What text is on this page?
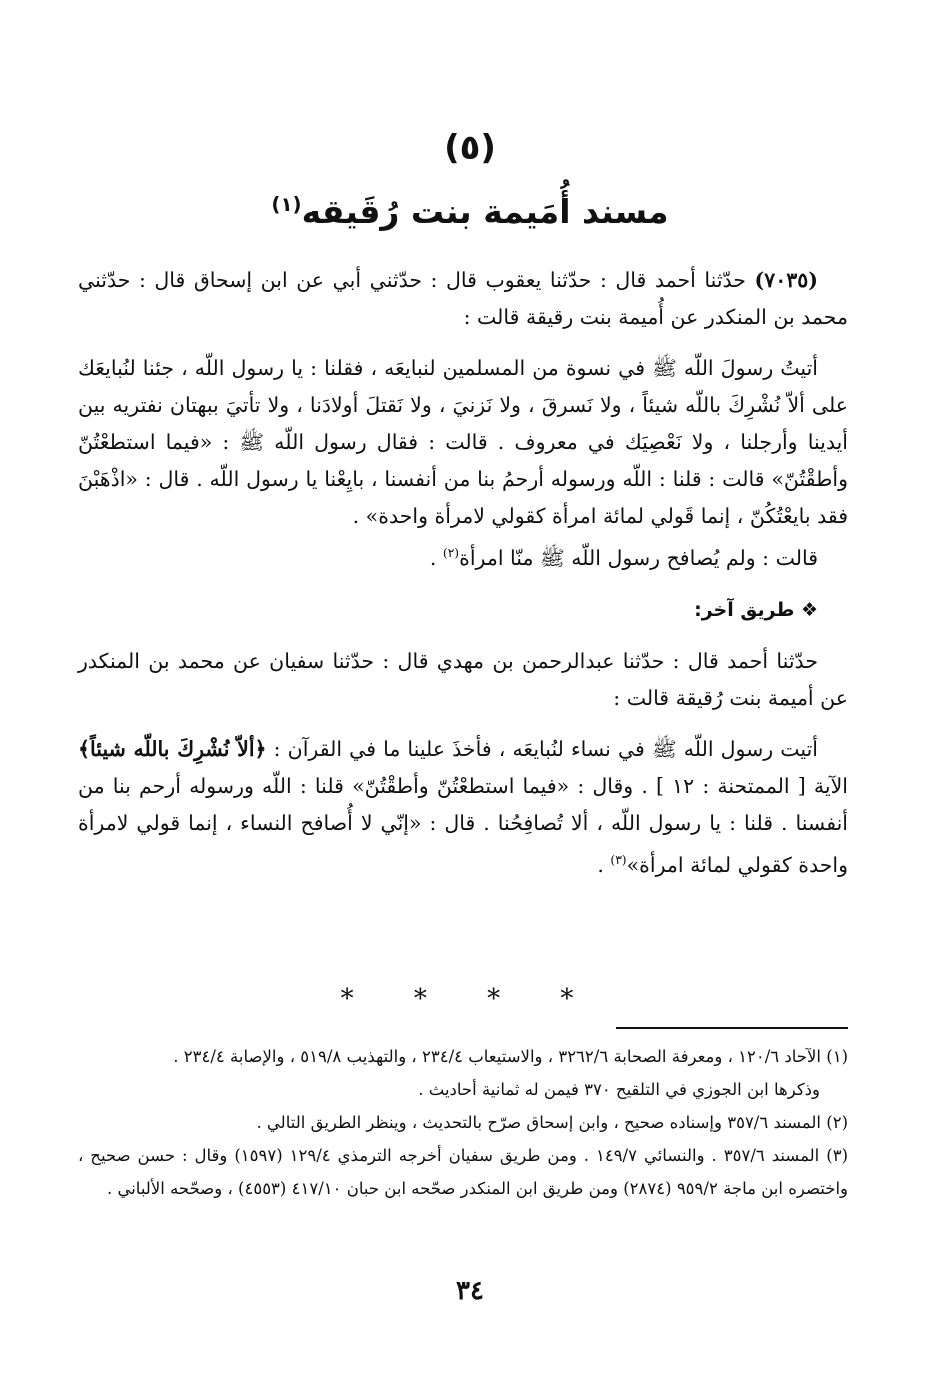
(٥)
مسند أُمَيمة بنت رُقَيقه$^{(١)}$

(٧٠٣٥) حدّثنا أحمد قال : حدّثنا يعقوب قال : حدّثني أبي عن ابن إسحاق قال : حدّثني محمد بن المنكدر عن أُميمة بنت رقيقة قالت :

أتيتُ رسولَ اللّه ﷺ في نسوة من المسلمين لنبايعَه ، فقلنا : يا رسول اللّه ، جئنا لنُبايعَك على ألاّ نُشْرِكَ باللّه شيئاً ، ولا نَسرقَ ، ولا نَزنيَ ، ولا نَقتلَ أولادَنا ، ولا تأتيَ ببهتان نفتريه بين أيدينا وأرجلنا ، ولا نَعْصِيَك في معروف . قالت : فقال رسول اللّه ﷺ : «فيما استطعْتُنّ وأطقْتُنّ» قالت : قلنا : اللّه ورسوله أرحمُ بنا من أنفسنا ، بايِعْنا يا رسول اللّه . قال : «اذْهَبْنَ فقد بايعْتُكُنّ ، إنما قَولي لمائة امرأة كقولي لامرأة واحدة» .

قالت : ولم يُصافح رسول اللّه ﷺ منّا امرأة$^{(٢)}$ .

❖ طريق آخر:

حدّثنا أحمد قال : حدّثنا عبدالرحمن بن مهدي قال : حدّثنا سفيان عن محمد بن المنكدر عن أميمة بنت رُقيقة قالت :

أتيت رسول اللّه ﷺ في نساء لنُبايعَه ، فأخذَ علينا ما في القرآن : ﴿ألاّ نُشْرِكَ باللّه شيئاً﴾ الآية [ الممتحنة : ١٢ ] . وقال : «فيما استطعْتُنّ وأطقْتُنّ» قلنا : اللّه ورسوله أرحم بنا من أنفسنا . قلنا : يا رسول اللّه ، ألا تُصافِحُنا . قال : «إنّي لا أُصافح النساء ، إنما قولي لامرأة واحدة كقولي لمائة امرأة»$^{(٣)}$ .

* * * *

(١) الآحاد ١٢٠/٦ ، ومعرفة الصحابة ٣٢٦٢/٦ ، والاستيعاب ٢٣٤/٤ ، والتهذيب ٥١٩/٨ ، والإصابة ٢٣٤/٤ .

وذكرها ابن الجوزي في التلقيح ٣٧٠ فيمن له ثمانية أحاديث .

(٢) المسند ٣٥٧/٦ وإسناده صحيح ، وابن إسحاق صرّح بالتحديث ، وينظر الطريق التالي .

(٣) المسند ٣٥٧/٦ . والنسائي ١٤٩/٧ . ومن طريق سفيان أخرجه الترمذي ١٢٩/٤ (١٥٩٧) وقال : حسن صحيح ، واختصره ابن ماجة ٩٥٩/٢ (٢٨٧٤) ومن طريق ابن المنكدر صحّحه ابن حبان ٤١٧/١٠ (٤٥٥٣) ، وصحّحه الألباني .

٣٤
